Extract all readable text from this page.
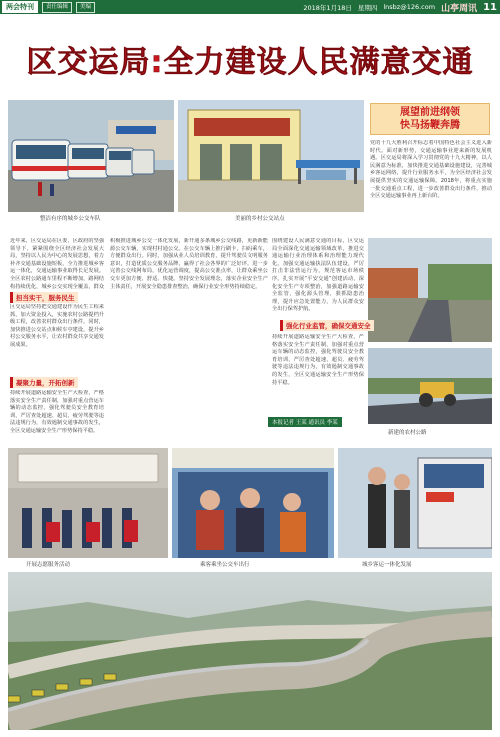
两会特刊	责任编辑	美编	2018年1月18日 星期四 lnsbz@126.com 山亭周讯 11
区交运局:全力建设人民满意交通
整洁有序的城乡公交车队	美丽的乡村公交站点
展望前进纲领
快马扬鞭奔腾
党的十九大胜利召开标志着中国特色社会主义进入新时代。面对新形势，交通运输事业迎来新的发展机遇。区交运局将深入学习贯彻党的十九大精神，以人民满意为标准，加快推进交通基础设施建设，完善城乡客运网络，提升行业服务水平，为全区经济社会发展提供坚实的交通运输保障。2018年，将重点实施一批交通重点工程，进一步改善群众出行条件，推动全区交通运输事业再上新台阶。
新建的农村公路
担当实干，服务民生
凝聚力量，开拓创新
强化行业监管，确保交通安全
近年来，区交运局在区委、区政府的坚强领导下，紧紧围绕全区经济社会发展大局，坚持以人民为中心的发展思想，着力补齐交通基础设施短板，全力推进城乡客运一体化，交通运输事业取得长足发展。全区农村公路通车里程不断增加，路网结构持续优化，城乡公交实现全覆盖，群众
区交运局坚持把交通建设作为民生工程来抓，加大资金投入，实施农村公路提档升级工程，改善农村群众出行条件。同时，加快推进公交站点和候车亭建设，提升乡村公交服务水平，让农村群众共享交通发展成果。
持续开展道路运输安全生产大检查，严格落实安全生产责任制，加强对重点营运车辆的动态监控，强化驾驶员安全教育培训，严厉查处超速、超员、疲劳驾驶等违法违规行为，有效遏制交通事故的发生，全区交通运输安全生产形势保持平稳。
积极推进城乡公交一体化发展，新开通多条城乡公交线路，更新新能源公交车辆，实现村村通公交。在公交车辆上推行刷卡、扫码乘车，方便群众出行。同时，加强从业人员培训教育，提升驾驶员文明服务意识，打造优质公交服务品牌，赢得了社会各界的广泛好评。进一步完善公交线网布局，优化运营调度，提高公交准点率，让群众乘坐公交车更加方便、舒适、快捷。坚持安全发展理念，落实企业安全生产主体责任，开展安全隐患排查整治，确保行业安全形势持续稳定。
围绕建设人民满意交通的目标，区交运局全面深化交通运输领域改革，推进交通运输行业治理体系和治理能力现代化。加强交通运输执法队伍建设，严厉打击非法营运行为，规范客运市场秩序。扎实开展“平安交通”创建活动，深化安全生产专项整治，加强道路运输安全监管，强化源头管理，狠抓隐患治理，提升应急处置能力，为人民群众安全出行保驾护航。
持续开展道路运输安全生产大检查，严格落实安全生产责任制，加强对重点营运车辆的动态监控，强化驾驶员安全教育培训，严厉查处超速、超员、疲劳驾驶等违法违规行为，有效遏制交通事故的发生，全区交通运输安全生产形势保持平稳。
本报记者 王某 通讯员 李某
开展志愿服务活动	乘客乘坐公交车出行	城乡客运一体化发展
